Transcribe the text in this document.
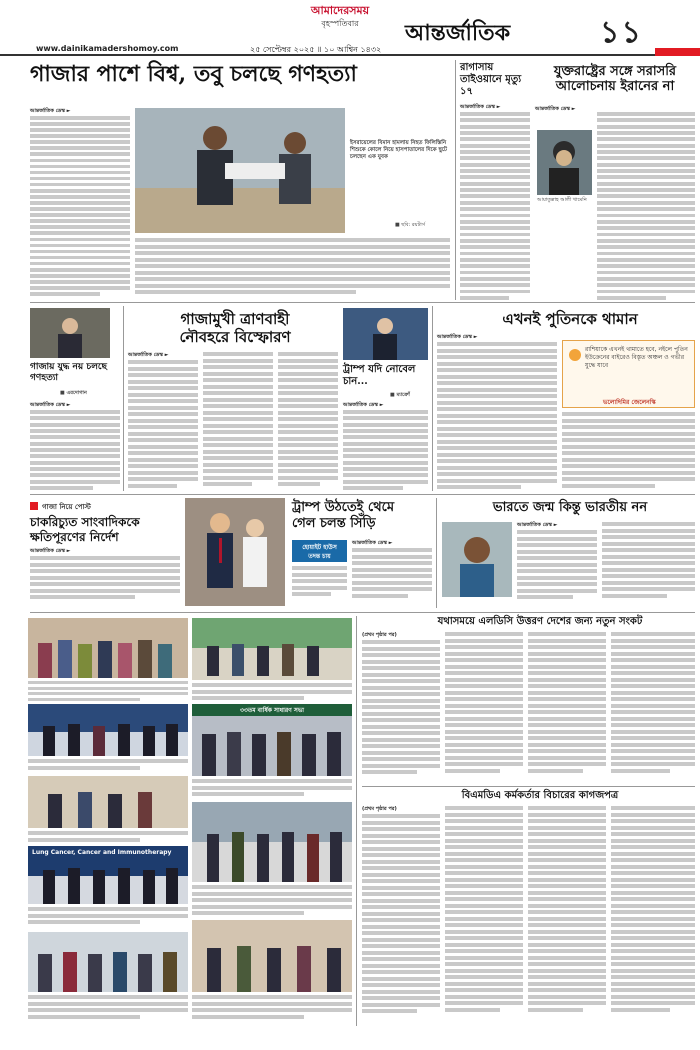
আমাদেরসময়
বৃহস্পতিবার
www.dainikamadershomoy.com	২৫ সেপ্টেম্বর ২০২৫ ॥ ১০ আশ্বিন ১৪৩২
আন্তর্জাতিক	১১
গাজার পাশে বিশ্ব, তবু চলছে গণহত্যা
আন্তর্জাতিক ডেস্ক ►
ইসরায়েলের বিমান হামলায় নিহত ফিলিস্তিনি শিশুকে কোলে নিয়ে হাসপাতালের দিকে ছুটে চলছেন এক যুবক
■ ছবি: রয়টার্স
রাগাসায় তাইওয়ানে মৃত্যু ১৭
আন্তর্জাতিক ডেস্ক ►
যুক্তরাষ্ট্রের সঙ্গে সরাসরি আলোচনায় ইরানের না
আন্তর্জাতিক ডেস্ক ►
আয়াতুল্লাহ আলী খামেনি
গাজায় যুদ্ধ নয় চলছে গণহত্যা
■ এরদোগান
আন্তর্জাতিক ডেস্ক ►
গাজামুখী ত্রাণবাহী
নৌবহরে বিস্ফোরণ
আন্তর্জাতিক ডেস্ক ►
ট্রাম্প যদি নোবেল চান...
■ ম্যাক্রোঁ
আন্তর্জাতিক ডেস্ক ►
এখনই পুতিনকে থামান
আন্তর্জাতিক ডেস্ক ►
রাশিয়াকে এখনই থামাতে হবে, নইলে পুতিন ইউক্রেনের বাইরেও বিস্তৃত অঞ্চল ও গভীর যুদ্ধে যাবে
ভলোদিমির জেলেনস্কি
গাজা নিয়ে পোস্ট
চাকরিচ্যুত সাংবাদিককে ক্ষতিপূরণের নির্দেশ
আন্তর্জাতিক ডেস্ক ►
ট্রাম্প উঠতেই থেমে
গেল চলন্ত সিঁড়ি
হোয়াইট হাউস
তদন্ত চায়
আন্তর্জাতিক ডেস্ক ►
ভারতে জন্ম কিন্তু ভারতীয় নন
আন্তর্জাতিক ডেস্ক ►
৩৩তম বার্ষিক সাধারণ সভা
Lung Cancer, Cancer and Immunotherapy
যথাসময়ে এলডিসি উত্তরণ দেশের জন্য নতুন সংকট
(প্রথম পৃষ্ঠার পর)
বিএমডিএ কর্মকর্তার বিচারের কাগজপত্র
(প্রথম পৃষ্ঠার পর)
